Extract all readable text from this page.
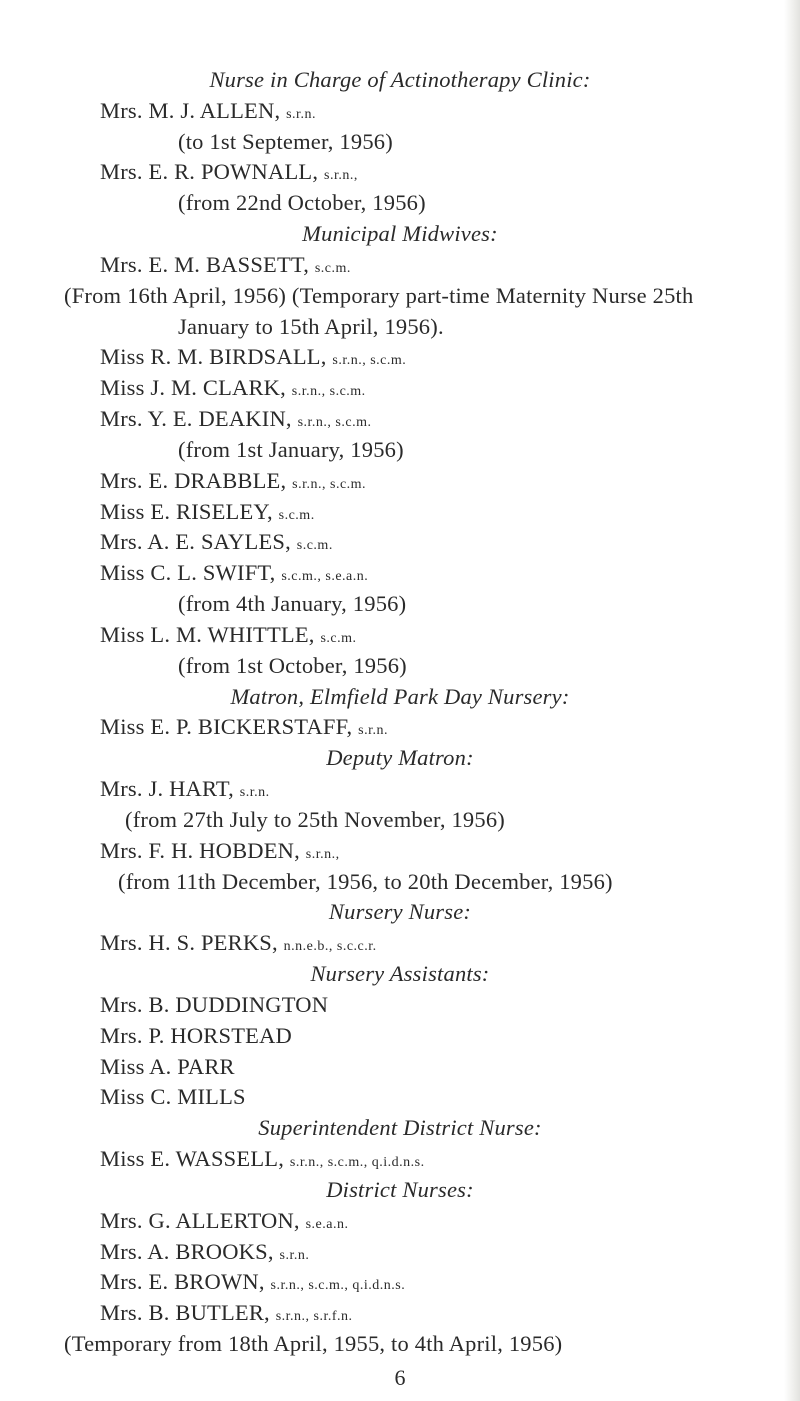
Nurse in Charge of Actinotherapy Clinic:
Mrs. M. J. ALLEN, s.r.n.
(to 1st Septemer, 1956)
Mrs. E. R. POWNALL, s.r.n.,
(from 22nd October, 1956)
Municipal Midwives:
Mrs. E. M. BASSETT, s.c.m.
(From 16th April, 1956) (Temporary part-time Maternity Nurse 25th
January to 15th April, 1956).
Miss R. M. BIRDSALL, s.r.n., s.c.m.
Miss J. M. CLARK, s.r.n., s.c.m.
Mrs. Y. E. DEAKIN, s.r.n., s.c.m.
(from 1st January, 1956)
Mrs. E. DRABBLE, s.r.n., s.c.m.
Miss E. RISELEY, s.c.m.
Mrs. A. E. SAYLES, s.c.m.
Miss C. L. SWIFT, s.c.m., s.e.a.n.
(from 4th January, 1956)
Miss L. M. WHITTLE, s.c.m.
(from 1st October, 1956)
Matron, Elmfield Park Day Nursery:
Miss E. P. BICKERSTAFF, s.r.n.
Deputy Matron:
Mrs. J. HART, s.r.n.
(from 27th July to 25th November, 1956)
Mrs. F. H. HOBDEN, s.r.n.,
(from 11th December, 1956, to 20th December, 1956)
Nursery Nurse:
Mrs. H. S. PERKS, n.n.e.b., s.c.c.r.
Nursery Assistants:
Mrs. B. DUDDINGTON
Mrs. P. HORSTEAD
Miss A. PARR
Miss C. MILLS
Superintendent District Nurse:
Miss E. WASSELL, s.r.n., s.c.m., q.i.d.n.s.
District Nurses:
Mrs. G. ALLERTON, s.e.a.n.
Mrs. A. BROOKS, s.r.n.
Mrs. E. BROWN, s.r.n., s.c.m., q.i.d.n.s.
Mrs. B. BUTLER, s.r.n., s.r.f.n.
(Temporary from 18th April, 1955, to 4th April, 1956)
6
